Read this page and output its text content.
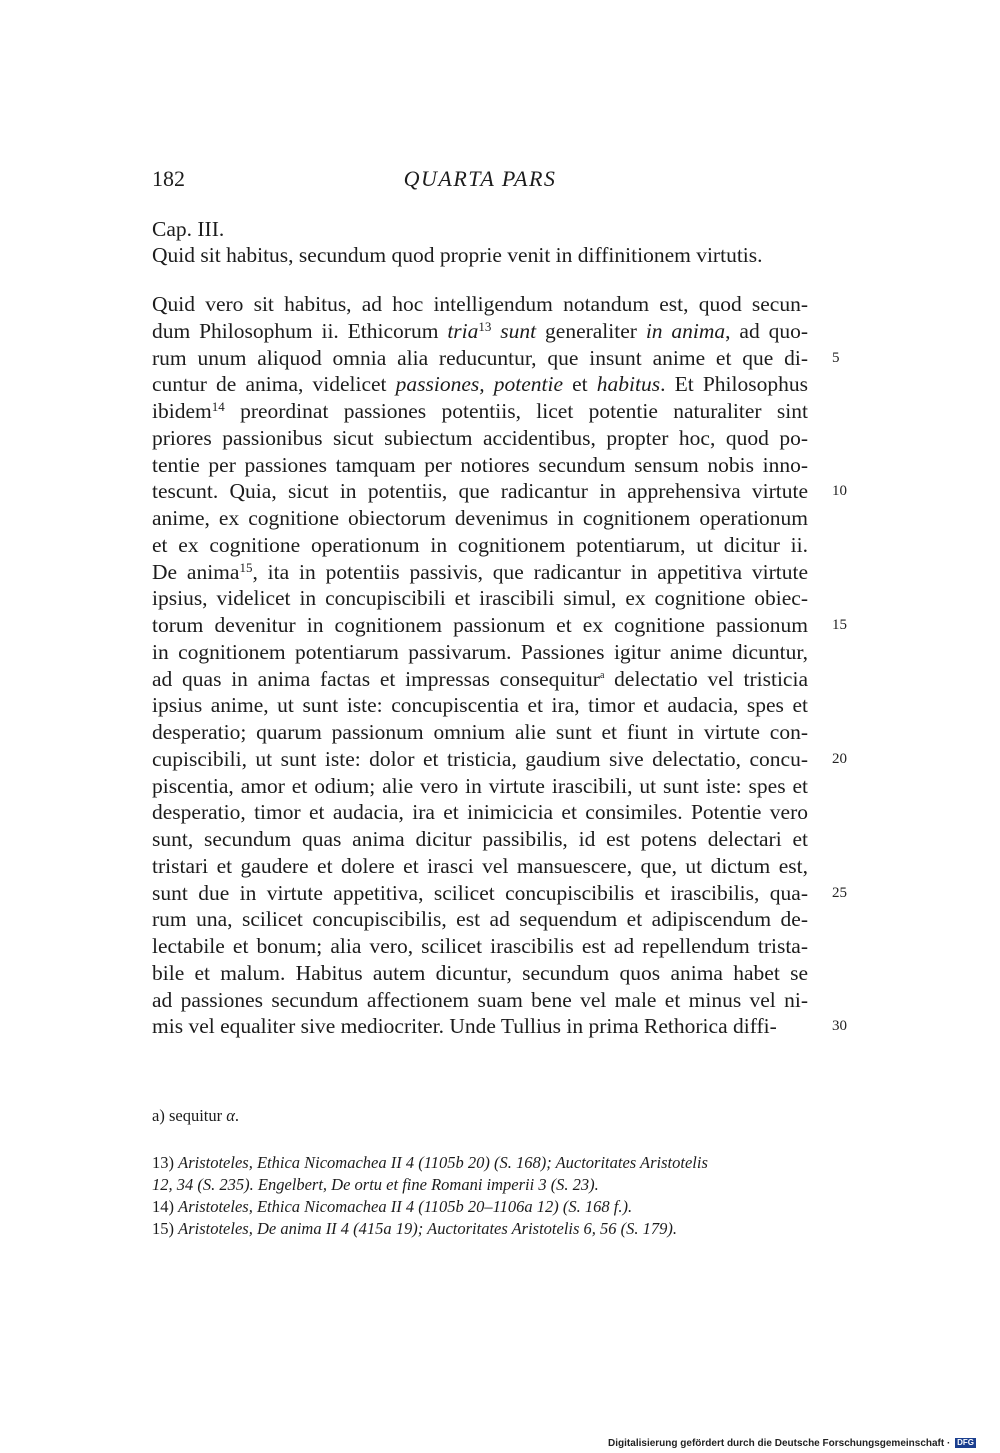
182	QUARTA PARS
Cap. III.
Quid sit habitus, secundum quod proprie venit in diffinitionem virtutis.
Quid vero sit habitus, ad hoc intelligendum notandum est, quod secun-
dum Philosophum ii. Ethicorum tria$^{13}$ sunt generaliter in anima, ad quo-
rum unum aliquod omnia alia reducuntur, que insunt anime et que di- 5
cuntur de anima, videlicet passiones, potentie et habitus. Et Philosophus
ibidem$^{14}$ preordinat passiones potentiis, licet potentie naturaliter sint
priores passionibus sicut subiectum accidentibus, propter hoc, quod po-
tentie per passiones tamquam per notiores secundum sensum nobis inno-
tescunt. Quia, sicut in potentiis, que radicantur in apprehensiva virtute 10
anime, ex cognitione obiectorum devenimus in cognitionem operationum
et ex cognitione operationum in cognitionem potentiarum, ut dicitur ii.
De anima$^{15}$, ita in potentiis passivis, que radicantur in appetitiva virtute
ipsius, videlicet in concupiscibili et irascibili simul, ex cognitione obiec-
torum devenitur in cognitionem passionum et ex cognitione passionum 15
in cognitionem potentiarum passivarum. Passiones igitur anime dicuntur,
ad quas in anima factas et impressas consequitur$^a$ delectatio vel tristicia
ipsius anime, ut sunt iste: concupiscentia et ira, timor et audacia, spes et
desperatio; quarum passionum omnium alie sunt et fiunt in virtute con-
cupiscibili, ut sunt iste: dolor et tristicia, gaudium sive delectatio, concu- 20
piscentia, amor et odium; alie vero in virtute irascibili, ut sunt iste: spes et
desperatio, timor et audacia, ira et inimicicia et consimiles. Potentie vero
sunt, secundum quas anima dicitur passibilis, id est potens delectari et
tristari et gaudere et dolere et irasci vel mansuescere, que, ut dictum est,
sunt due in virtute appetitiva, scilicet concupiscibilis et irascibilis, qua- 25
rum una, scilicet concupiscibilis, est ad sequendum et adipiscendum de-
lectabile et bonum; alia vero, scilicet irascibilis est ad repellendum trista-
bile et malum. Habitus autem dicuntur, secundum quos anima habet se
ad passiones secundum affectionem suam bene vel male et minus vel ni-
mis vel equaliter sive mediocriter. Unde Tullius in prima Rethorica diffi-	30
a) sequitur α.
13) Aristoteles, Ethica Nicomachea II 4 (1105b 20) (S. 168); Auctoritates Aristotelis
12, 34 (S. 235). Engelbert, De ortu et fine Romani imperii 3 (S. 23).
14) Aristoteles, Ethica Nicomachea II 4 (1105b 20–1106a 12) (S. 168 f.).
15) Aristoteles, De anima II 4 (415a 19); Auctoritates Aristotelis 6, 56 (S. 179).
Digitalisierung gefördert durch die Deutsche Forschungsgemeinschaft · DFG
